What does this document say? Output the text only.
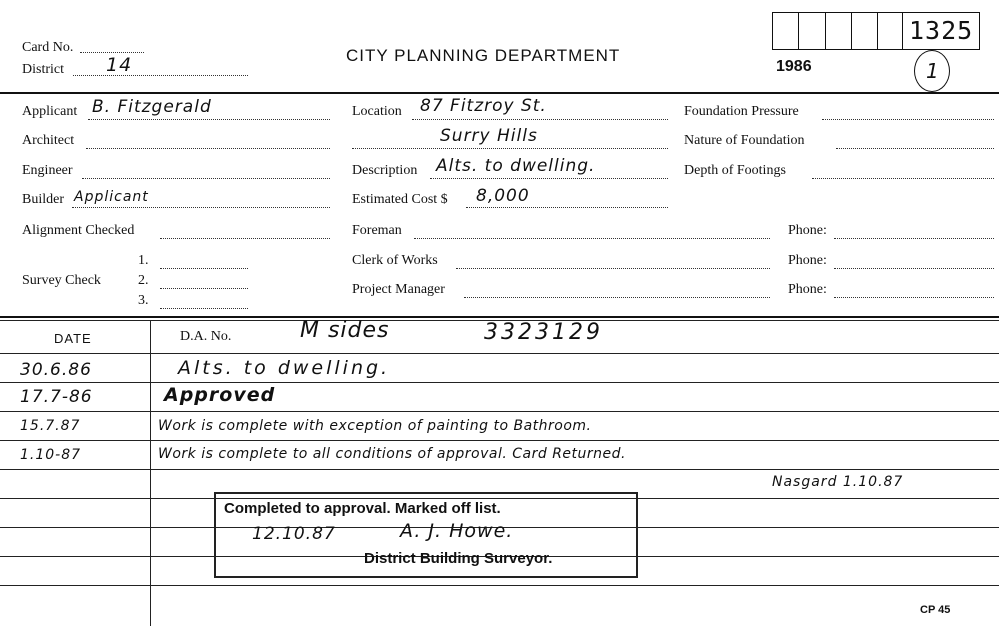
Card No.
District 14	CITY PLANNING DEPARTMENT
1986
1325
1
Applicant B. Fitzgerald
Architect
Engineer
Builder Applicant
Alignment Checked
Survey Check
1.
2.
3.
Location 87 Fitzroy St.
Surry Hills
Description Alts. to dwelling.
Estimated Cost $ 8,000
Foreman	Phone:
Clerk of Works	Phone:
Project Manager	Phone:
Foundation Pressure
Nature of Foundation
Depth of Footings
DATE	D.A. No.	M sides	3323129
30.6.86	Alts. to dwelling.
17.7-86	Approved
15.7.87	Work is complete with exception of painting to Bathroom.
1.10-87	Work is complete to all conditions of approval. Card Returned.
Nasgard 1.10.87
Completed to approval. Marked off list.
12.10.87	A. J. Howe.
District Building Surveyor.
CP 45
